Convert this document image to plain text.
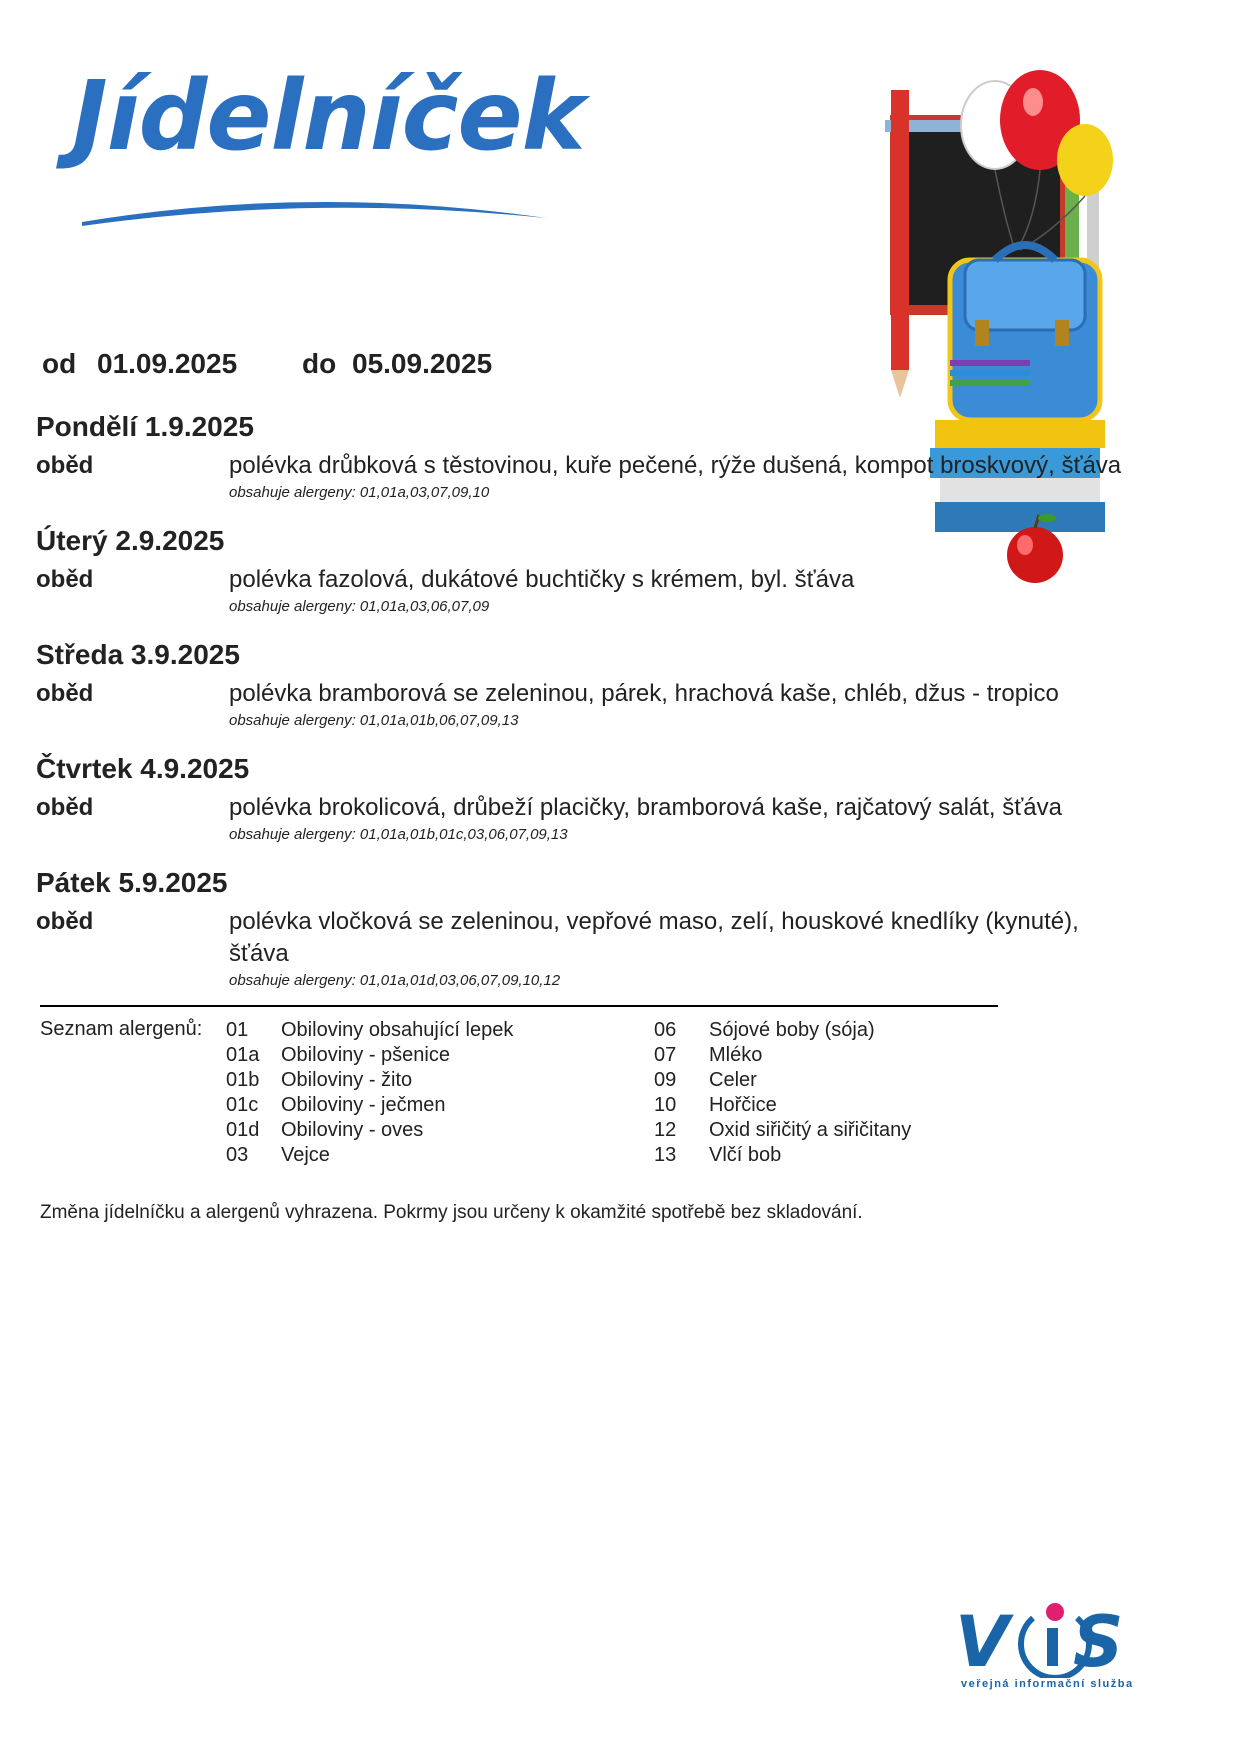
Jídelníček
od 01.09.2025 do 05.09.2025
Pondělí 1.9.2025
oběd	polévka drůbková s těstovinou, kuře pečené, rýže dušená, kompot broskvový, šťáva
obsahuje alergeny: 01,01a,03,07,09,10
Úterý 2.9.2025
oběd	polévka fazolová, dukátové buchtičky s krémem, byl. šťáva
obsahuje alergeny: 01,01a,03,06,07,09
Středa 3.9.2025
oběd	polévka bramborová se zeleninou, párek, hrachová kaše, chléb, džus - tropico
obsahuje alergeny: 01,01a,01b,06,07,09,13
Čtvrtek 4.9.2025
oběd	polévka brokolicová, drůbeží placičky, bramborová kaše, rajčatový salát, šťáva
obsahuje alergeny: 01,01a,01b,01c,03,06,07,09,13
Pátek 5.9.2025
oběd	polévka vločková se zeleninou, vepřové maso, zelí, houskové knedlíky (kynuté), šťáva
obsahuje alergeny: 01,01a,01d,03,06,07,09,10,12
Seznam alergenů: 01 Obiloviny obsahující lepek
01a Obiloviny - pšenice
01b Obiloviny - žito
01c Obiloviny - ječmen
01d Obiloviny - oves
03 Vejce
06 Sójové boby (sója)
07 Mléko
09 Celer
10 Hořčice
12 Oxid siřičitý a siřičitany
13 Vlčí bob
Změna jídelníčku a alergenů vyhrazena. Pokrmy jsou určeny k okamžité spotřebě bez skladování.
V S
veřejná informační služba
